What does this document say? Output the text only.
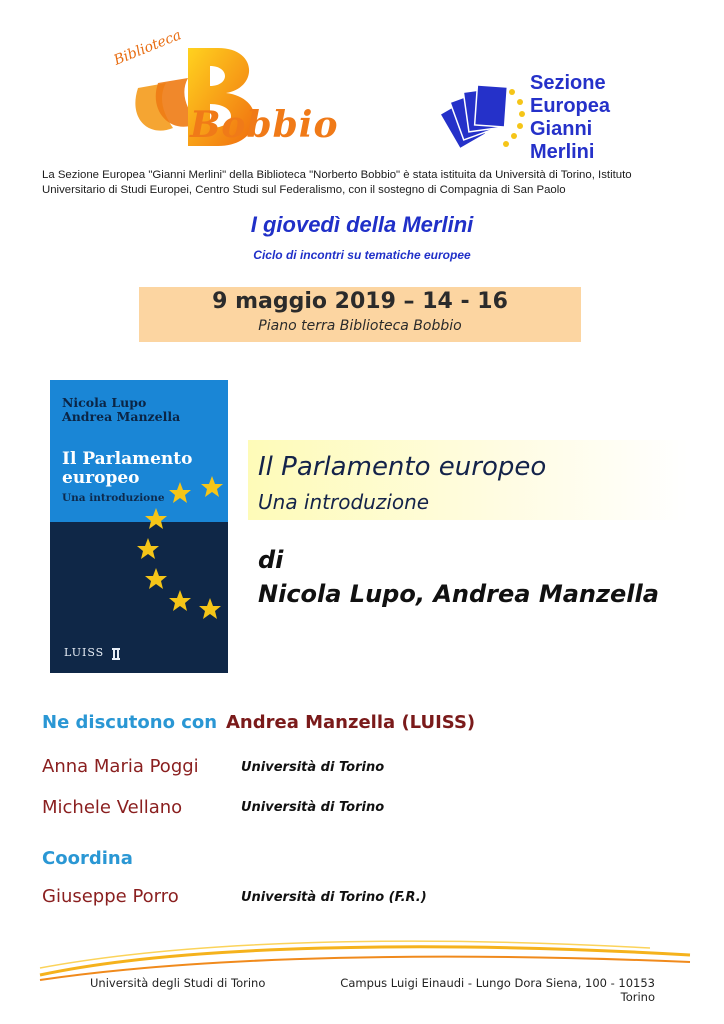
Biblioteca
Bobbio
Sezione
Europea
Gianni
Merlini
La Sezione Europea "Gianni Merlini" della Biblioteca "Norberto Bobbio" è stata istituita da Università di Torino, Istituto Universitario di Studi Europei, Centro Studi sul Federalismo, con il sostegno di Compagnia di San Paolo
I giovedì della Merlini
Ciclo di incontri su tematiche europee
9 maggio 2019 – 14 - 16
Piano terra Biblioteca Bobbio
Nicola Lupo
Andrea Manzella
Il Parlamento
europeo
Una introduzione
LUISS
Il Parlamento europeo
Una introduzione
di
Nicola Lupo, Andrea Manzella
Ne discutono con Andrea Manzella (LUISS)
Anna Maria Poggi	Università di Torino
Michele Vellano	Università di Torino
Coordina
Giuseppe Porro	Università di Torino (F.R.)
Università degli Studi di Torino	Campus Luigi Einaudi - Lungo Dora Siena, 100 - 10153 Torino
